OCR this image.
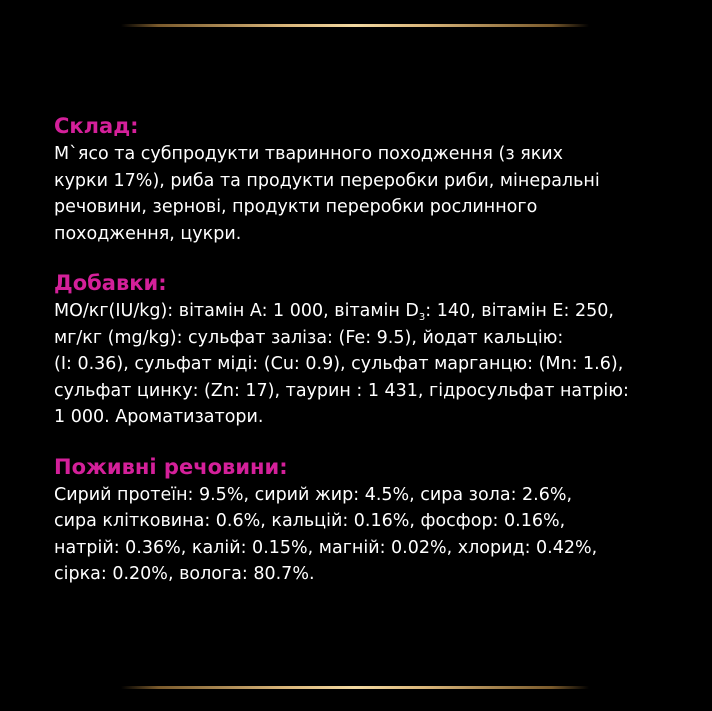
Склад:

М`ясо та субпродукти тваринного походження (з яких
курки 17%), риба та продукти переробки риби, мінеральні
речовини, зернові, продукти переробки рослинного
походження, цукри.

Добавки:

МО/кг(IU/kg): вітамін A: 1 000, вітамін $D_3$: 140, вітамін E: 250,
мг/кг (mg/kg): сульфат заліза: (Fe: 9.5), йодат кальцію:
(I: 0.36), сульфат міді: (Cu: 0.9), сульфат марганцю: (Mn: 1.6),
сульфат цинку: (Zn: 17), таурин : 1 431, гідросульфат натрію:
1 000. Ароматизатори.

Поживні речовини:

Сирий протеїн: 9.5%, сирий жир: 4.5%, сира зола: 2.6%,
сира клітковина: 0.6%, кальцій: 0.16%, фосфор: 0.16%,
натрій: 0.36%, калій: 0.15%, магній: 0.02%, хлорид: 0.42%,
сірка: 0.20%, волога: 80.7%.
